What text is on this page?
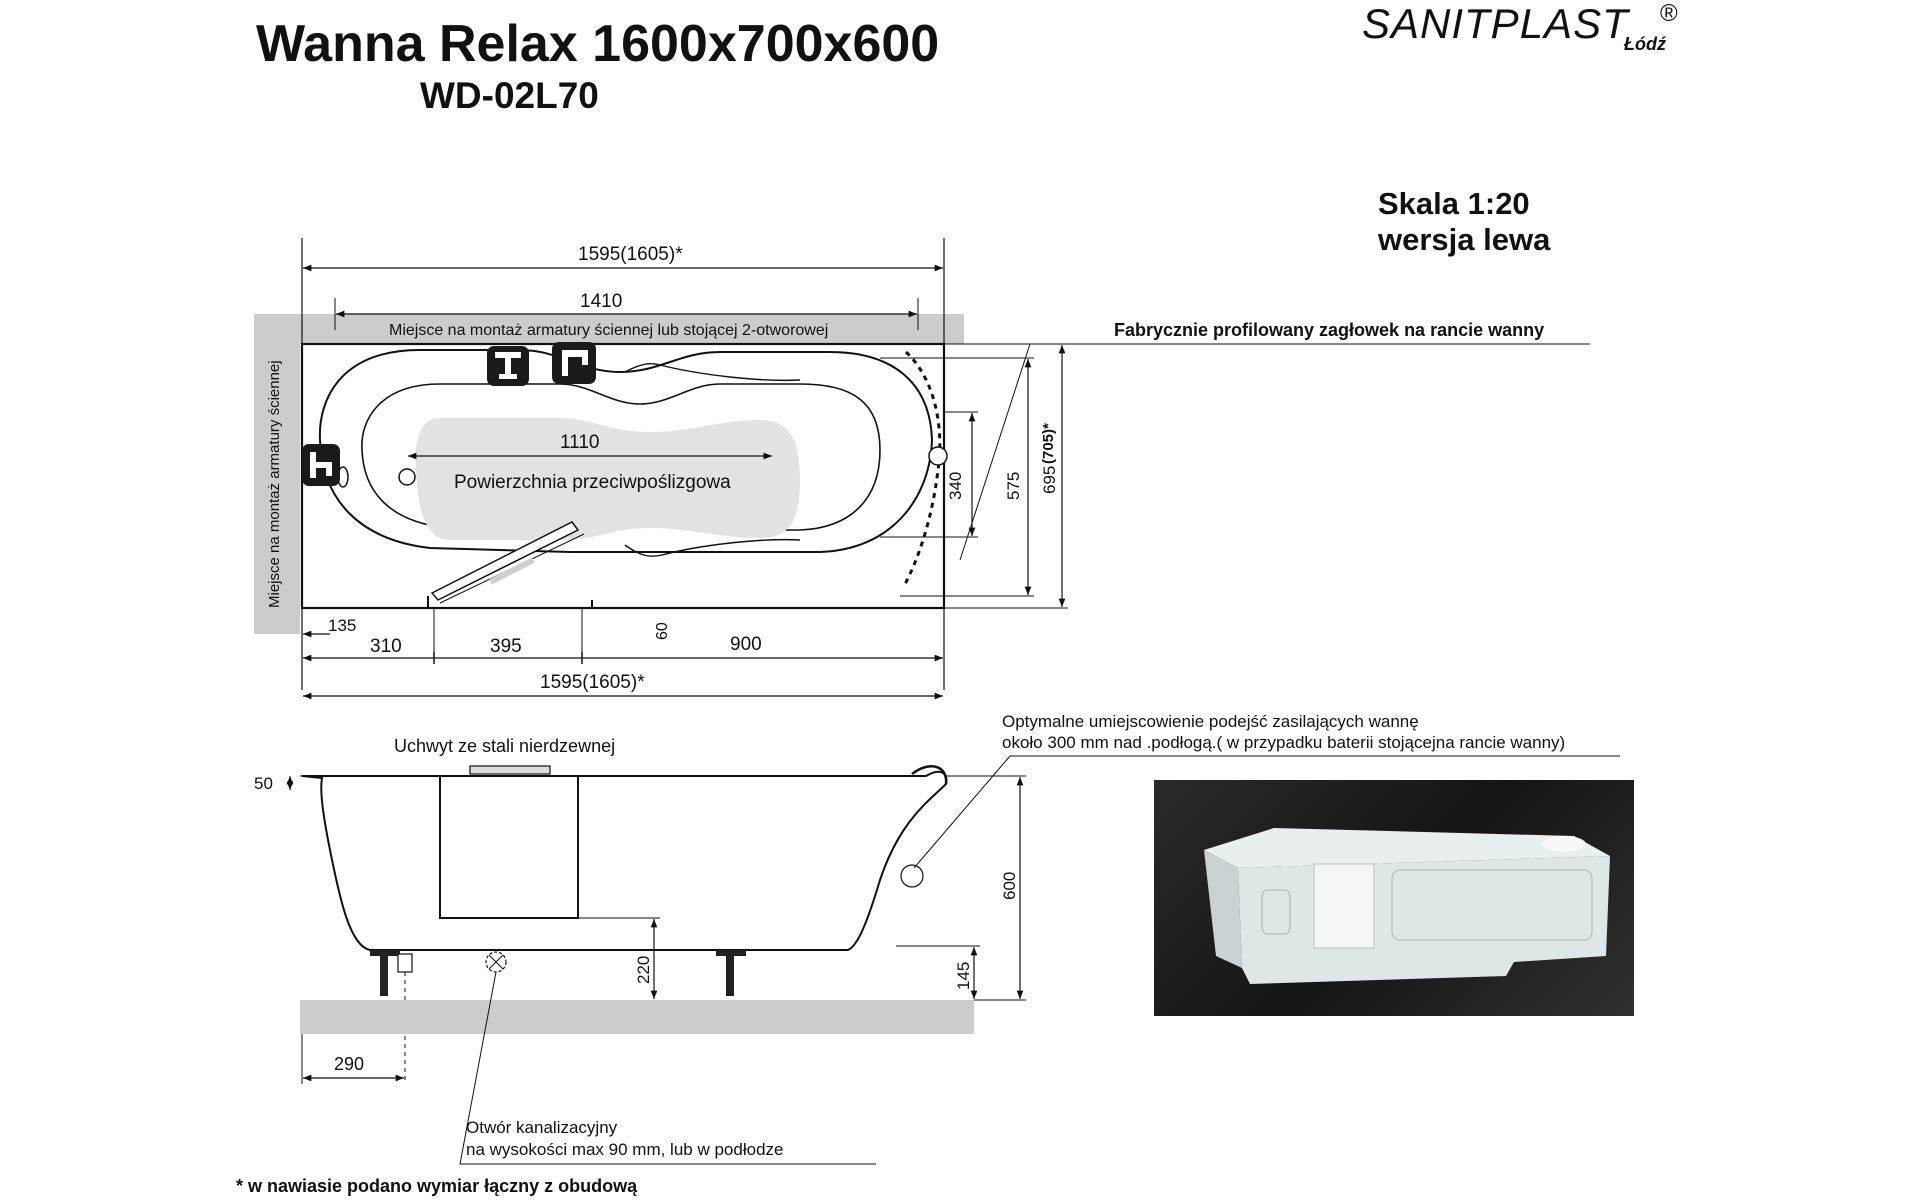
Wanna Relax 1600x700x600
WD-02L70
SANITPLAST ®
Łódź
Skala 1:20
wersja lewa
1595(1605)*
1410
Miejsce na montaż armatury ściennej lub stojącej 2-otworowej
Miejsce na montaż armatury ściennej
Fabrycznie profilowany zagłowek na rancie wanny
1110
Powierzchnia przeciwpoślizgowa	340 575 695
(705)*
135
310	395
60
900
1595(1605)*
Uchwyt ze stali nierdzewnej
50
600
220	145
290
Optymalne umiejscowienie podejść zasilających wannę
około 300 mm nad .podłogą.( w przypadku baterii stojącejna rancie wanny)
Otwór kanalizacyjny
na wysokości max 90 mm, lub w podłodze
* w nawiasie podano wymiar łączny z obudową
